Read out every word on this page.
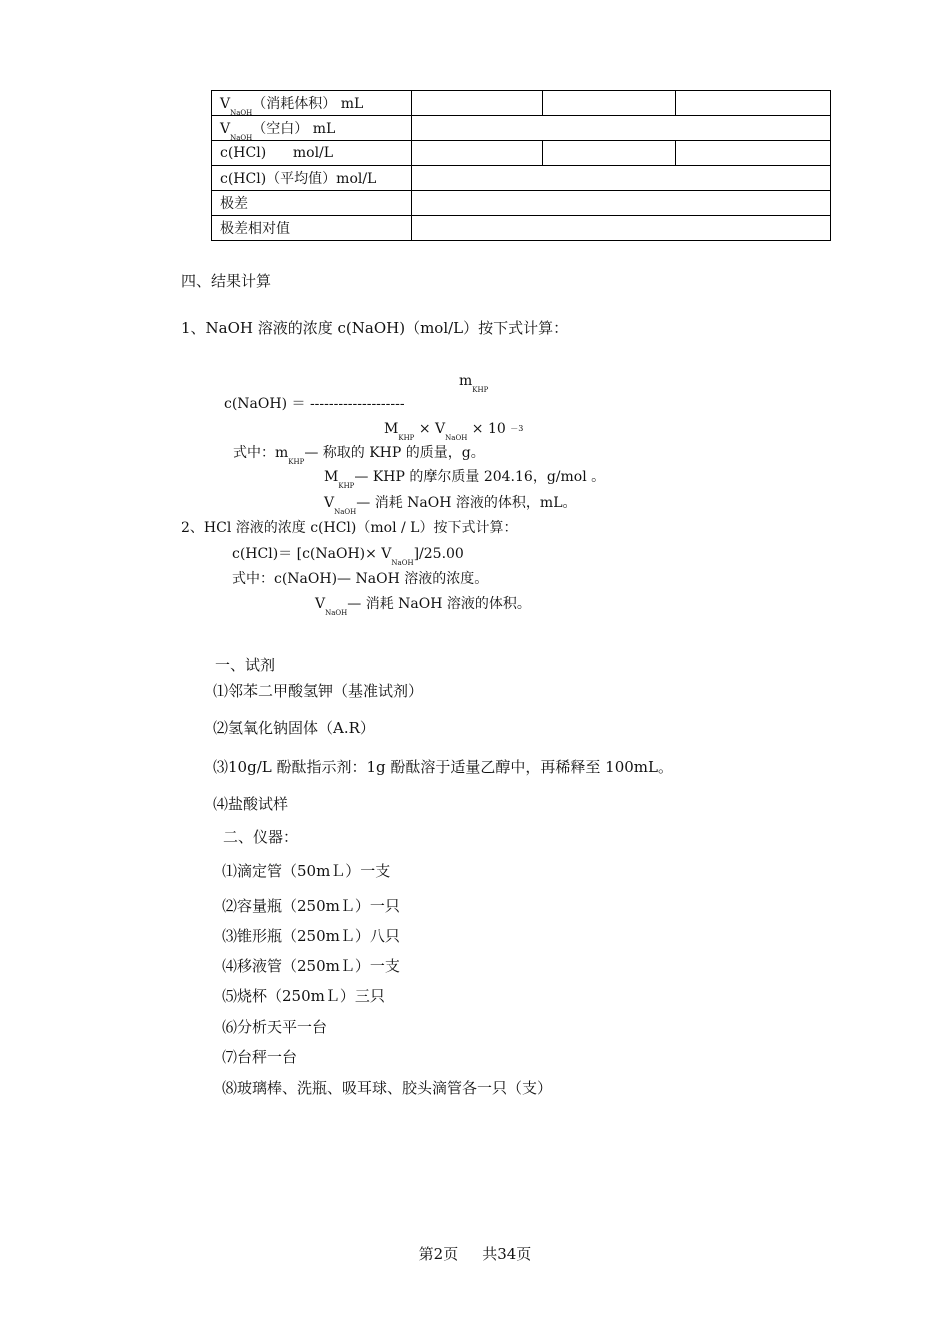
$V_{NaOH}$（消耗体积） mL			
$V_{NaOH}$（空白） mL			
c(HCl)      mol/L			
c(HCl)（平均值）mol/L			
极差			
极差相对值			
四、结果计算
1、NaOH 溶液的浓度 c(NaOH)（mol/L）按下式计算：
$m_{KHP}$
c(NaOH) ＝ --------------------
$M_{KHP} \times V_{NaOH} \times 10 -3$
式中：$m_{KHP}—$ 称取的 KHP 的质量，g。
$M_{KHP}—$ KHP 的摩尔质量 204.16，g/mol 。
$V_{NaOH}—$ 消耗 NaOH 溶液的体积，mL。
2、HCl 溶液的浓度 c(HCl)（mol / L）按下式计算：
c(HCl)＝ [c(NaOH)× $V_{NaOH}]/25.00$
式中：c(NaOH)— NaOH 溶液的浓度。
$V_{NaOH}—$ 消耗 NaOH 溶液的体积。
一、试剂
⑴邻苯二甲酸氢钾（基准试剂）
⑵氢氧化钠固体（A.R）
⑶10g/L 酚酞指示剂：1g 酚酞溶于适量乙醇中，再稀释至 100mL。
⑷盐酸试样
二、仪器：
⑴滴定管（50mＬ）一支
⑵容量瓶（250mＬ）一只
⑶锥形瓶（250mＬ）八只
⑷移液管（250mＬ）一支
⑸烧杯（250mＬ）三只
⑹分析天平一台
⑺台秤一台
⑻玻璃棒、洗瓶、吸耳球、胶头滴管各一只（支）
第2页 共34页
